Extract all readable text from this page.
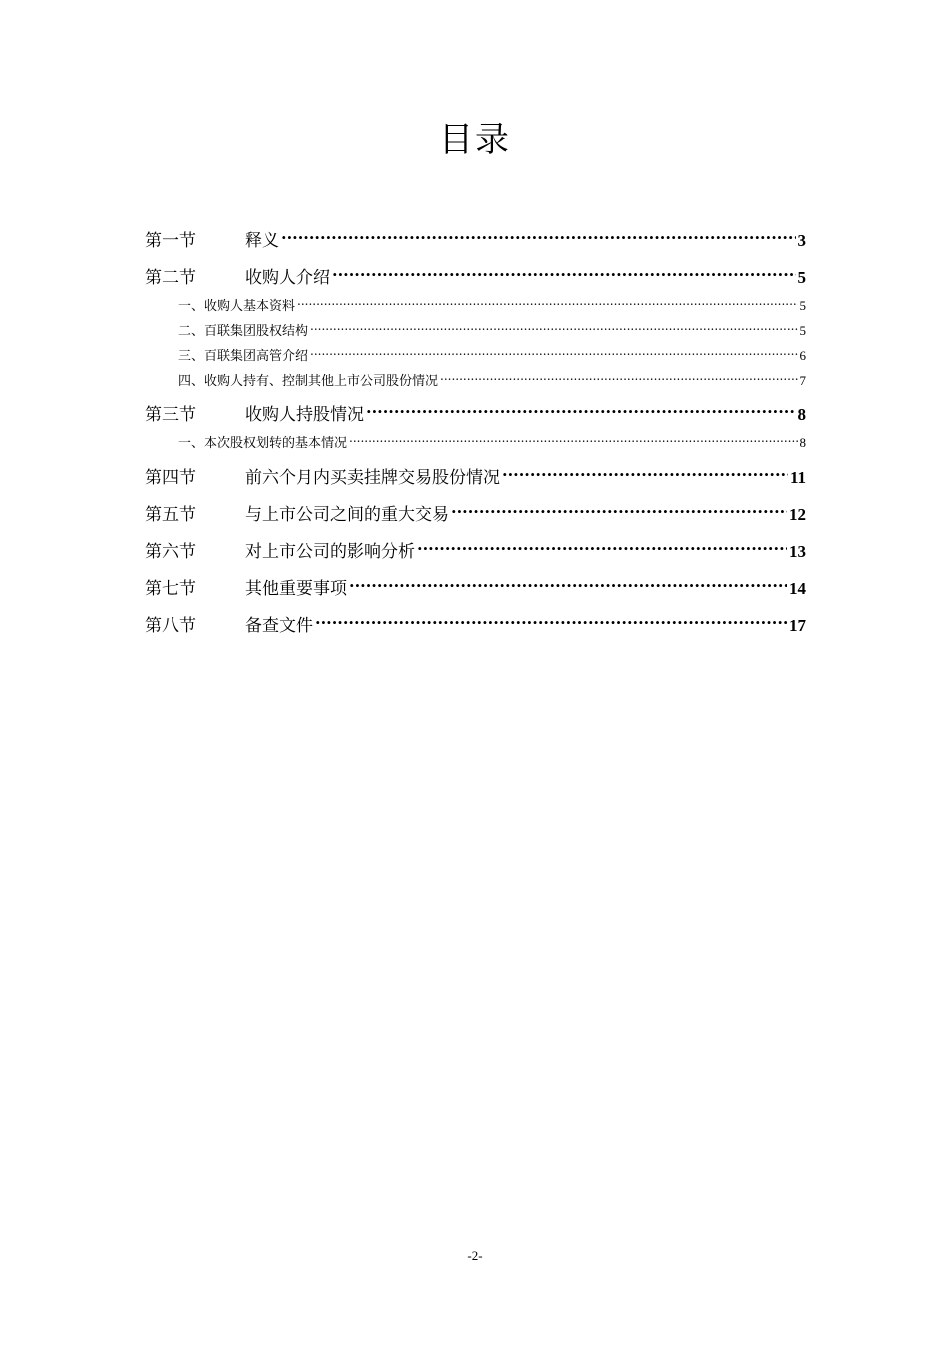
目录
第一节	释义 .....	3
第二节	收购人介绍 .....	5
一、收购人基本资料 .....	5
二、百联集团股权结构 .....	5
三、百联集团高管介绍 .....	6
四、收购人持有、控制其他上市公司股份情况 .....	7
第三节	收购人持股情况 .....	8
一、本次股权划转的基本情况 .....	8
第四节	前六个月内买卖挂牌交易股份情况 .....	11
第五节	与上市公司之间的重大交易 .....	12
第六节	对上市公司的影响分析 .....	13
第七节	其他重要事项 .....	14
第八节	备查文件 .....	17
-2-
